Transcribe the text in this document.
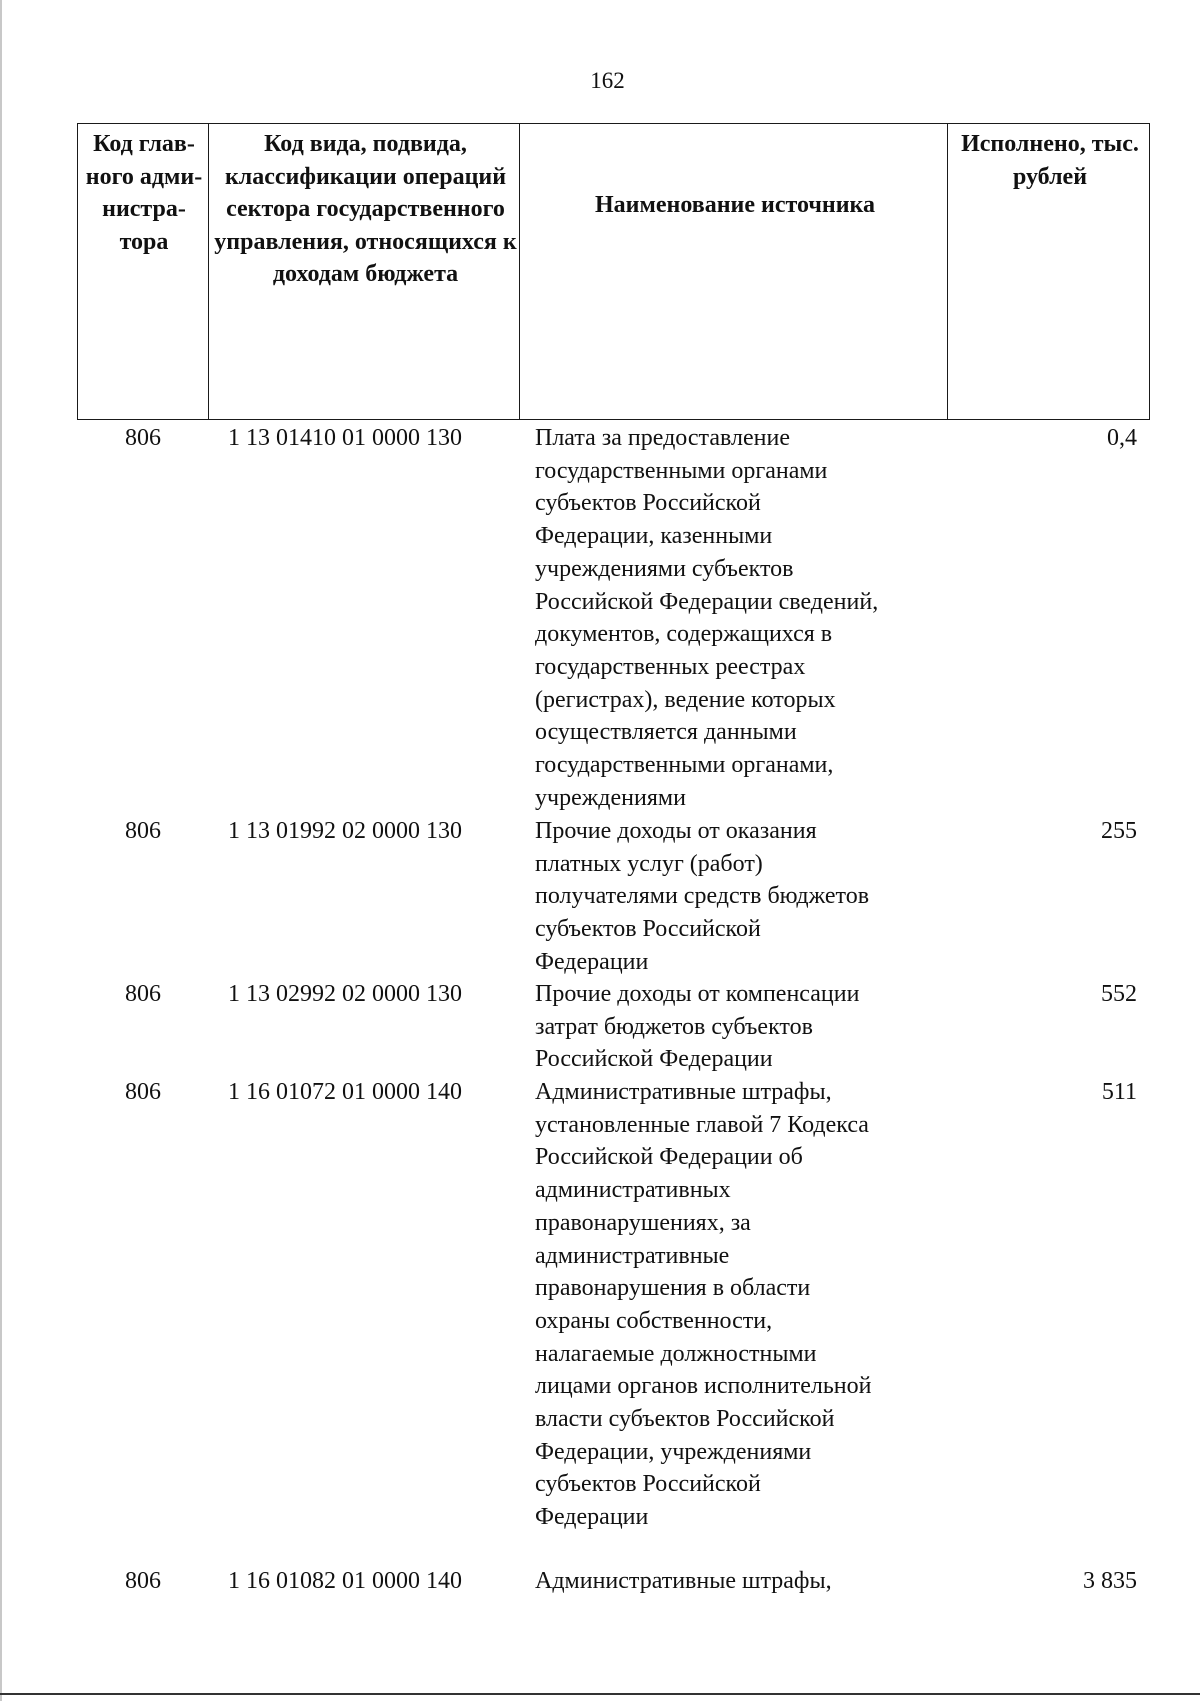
162
Код глав-ного адми-нистра-тора
Код вида, подвида, классификации операций сектора государственного управления, относящихся к доходам бюджета
Наименование источника
Исполнено, тыс. рублей
806	1 13 01410 01 0000 130	Плата за предоставление
государственными органами
субъектов Российской
Федерации, казенными
учреждениями субъектов
Российской Федерации сведений,
документов, содержащихся в
государственных реестрах
(регистрах), ведение которых
осуществляется данными
государственными органами,
учреждениями
0,4
806	1 13 01992 02 0000 130	Прочие доходы от оказания
платных услуг (работ)
получателями средств бюджетов
субъектов Российской
Федерации
255
806	1 13 02992 02 0000 130	Прочие доходы от компенсации
затрат бюджетов субъектов
Российской Федерации
552
806	1 16 01072 01 0000 140	Административные штрафы,
установленные главой 7 Кодекса
Российской Федерации об
административных
правонарушениях, за
административные
правонарушения в области
охраны собственности,
налагаемые должностными
лицами органов исполнительной
власти субъектов Российской
Федерации, учреждениями
субъектов Российской
Федерации
511
806	1 16 01082 01 0000 140	Административные штрафы,	3 835
